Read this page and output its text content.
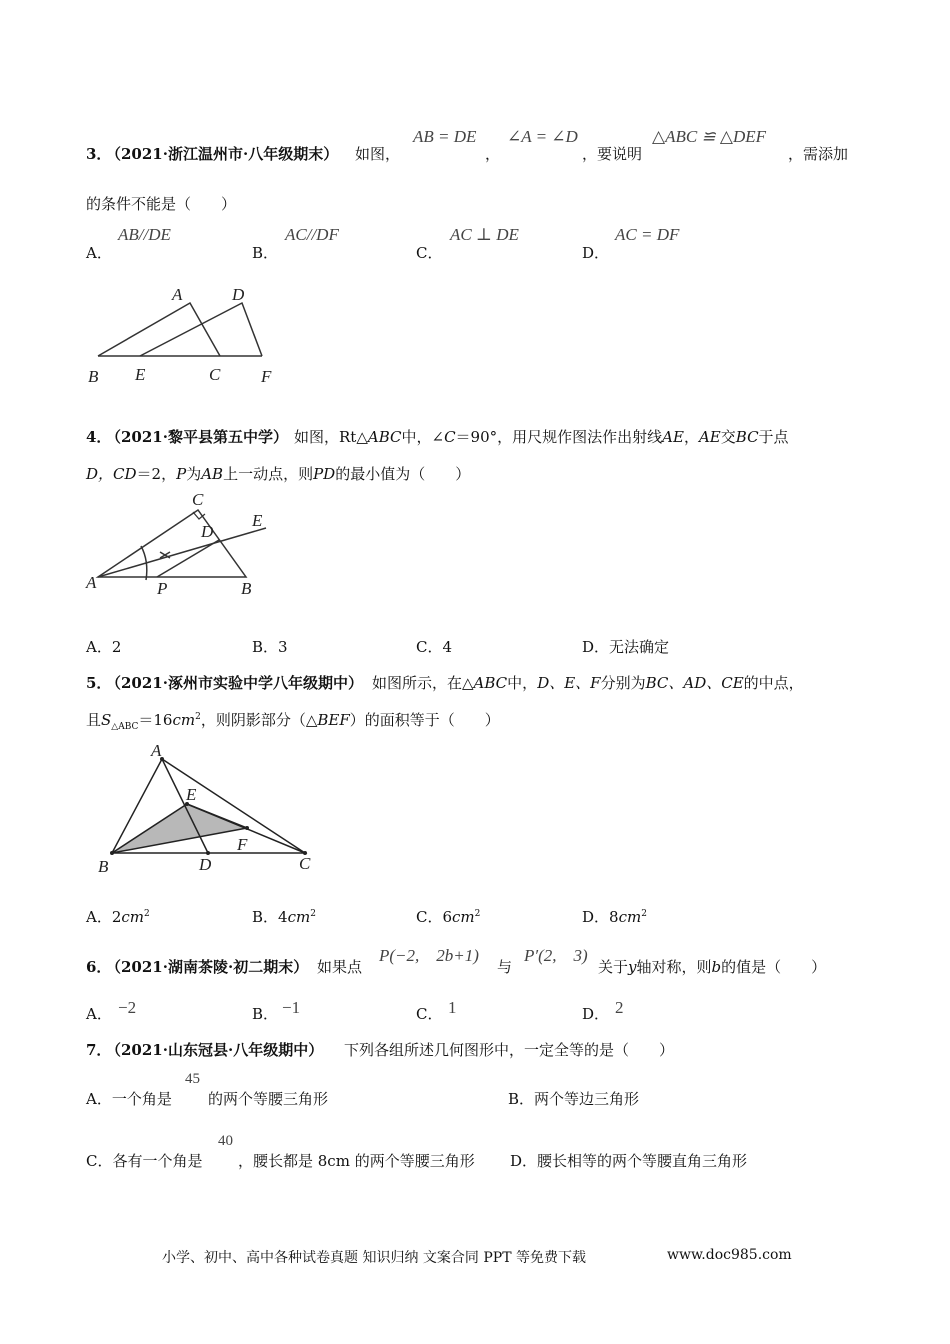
3．
（2021·浙江温州市·八年级期末） 如图，
AB = DE
，
∠A = ∠D
，要说明
△ABC ≌ △DEF
，需添加
的条件不能是（　　）
A．
AB//DE
B．
AC//DF
C．
AC ⊥ DE
D．
AC = DF
A	D
B E	C F
4．
（2021·黎平县第五中学） 如图，Rt△ABC中，∠C＝90°，用尺规作图法作出射线AE，AE交BC于点
D，CD＝2，P为AB上一动点，则PD的最小值为（　　）
C
D
E
A	P	B
A．2	B．3	C．4	D．无法确定
5．
（2021·涿州市实验中学八年级期中） 如图所示，在△ABC中，D、E、F分别为BC、AD、CE的中点，
且$S_{\triangle ABC}=16cm^2$，则阴影部分（△BEF）的面积等于（　　）
A
B	D
E
F
C
A．$2cm^2$	B．$4cm^2$	C．$6cm^2$	D．$8cm^2$
6．
（2021·湖南茶陵·初二期末） 如果点
P(−2,　2b+1)
与
P′(2,　3)
关于y轴对称，则b的值是（　　）
A． −2	B． −1	C． 1	D． 2
7．
（2021·山东冠县·八年级期中） 下列各组所述几何图形中，一定全等的是（　　）
A．一个角是
45
的两个等腰三角形	B．两个等边三角形
C．各有一个角是
40
，腰长都是 8cm 的两个等腰三角形 D．腰长相等的两个等腰直角三角形
小学、初中、高中各种试卷真题 知识归纳 文案合同 PPT 等免费下载	www.doc985.com
